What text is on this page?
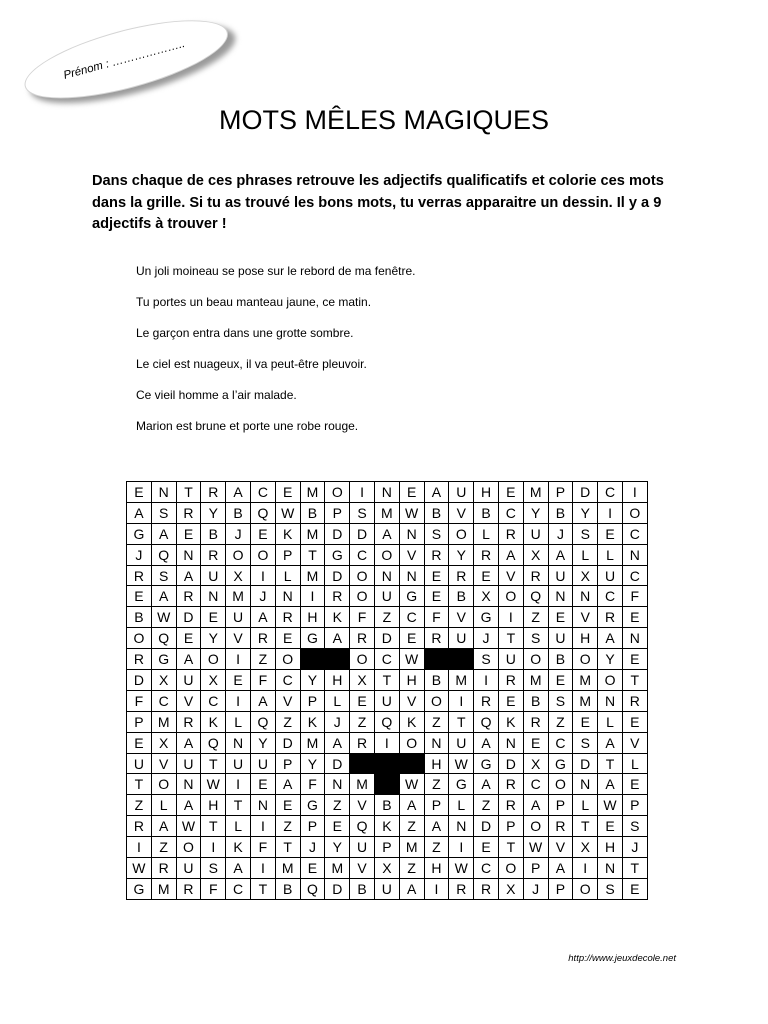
Prénom : ………………..
MOTS MÊLES MAGIQUES

Dans chaque de ces phrases retrouve les adjectifs qualificatifs et colorie ces mots dans la grille. Si tu as trouvé les bons mots, tu verras apparaitre un dessin. Il y a 9 adjectifs à trouver !

Un joli moineau se pose sur le rebord de ma fenêtre.
Tu portes un beau manteau jaune, ce matin.
Le garçon entra dans une grotte sombre.
Le ciel est nuageux, il va peut-être pleuvoir.
Ce vieil homme a l’air malade.
Marion est brune et porte une robe rouge.
E	N	T	R	A	C	E	M	O	I	N	E	A	U	H	E	M	P	D	C	I
A	S	R	Y	B	Q	W	B	P	S	M	W	B	V	B	C	Y	B	Y	I	O
G	A	E	B	J	E	K	M	D	D	A	N	S	O	L	R	U	J	S	E	C
J	Q	N	R	O	O	P	T	G	C	O	V	R	Y	R	A	X	A	L	L	N
R	S	A	U	X	I	L	M	D	O	N	N	E	R	E	V	R	U	X	U	C
E	A	R	N	M	J	N	I	R	O	U	G	E	B	X	O	Q	N	N	C	F
B	W	D	E	U	A	R	H	K	F	Z	C	F	V	G	I	Z	E	V	R	E
O	Q	E	Y	V	R	E	G	A	R	D	E	R	U	J	T	S	U	H	A	N
R	G	A	O	I	Z	O			O	C	W			S	U	O	B	O	Y	E
D	X	U	X	E	F	C	Y	H	X	T	H	B	M	I	R	M	E	M	O	T
F	C	V	C	I	A	V	P	L	E	U	V	O	I	R	E	B	S	M	N	R
P	M	R	K	L	Q	Z	K	J	Z	Q	K	Z	T	Q	K	R	Z	E	L	E
E	X	A	Q	N	Y	D	M	A	R	I	O	N	U	A	N	E	C	S	A	V
U	V	U	T	U	U	P	Y	D				H	W	G	D	X	G	D	T	L
T	O	N	W	I	E	A	F	N	M		W	Z	G	A	R	C	O	N	A	E
Z	L	A	H	T	N	E	G	Z	V	B	A	P	L	Z	R	A	P	L	W	P
R	A	W	T	L	I	Z	P	E	Q	K	Z	A	N	D	P	O	R	T	E	S
I	Z	O	I	K	F	T	J	Y	U	P	M	Z	I	E	T	W	V	X	H	J
W	R	U	S	A	I	M	E	M	V	X	Z	H	W	C	O	P	A	I	N	T
G	M	R	F	C	T	B	Q	D	B	U	A	I	R	R	X	J	P	O	S	E
http://www.jeuxdecole.net
